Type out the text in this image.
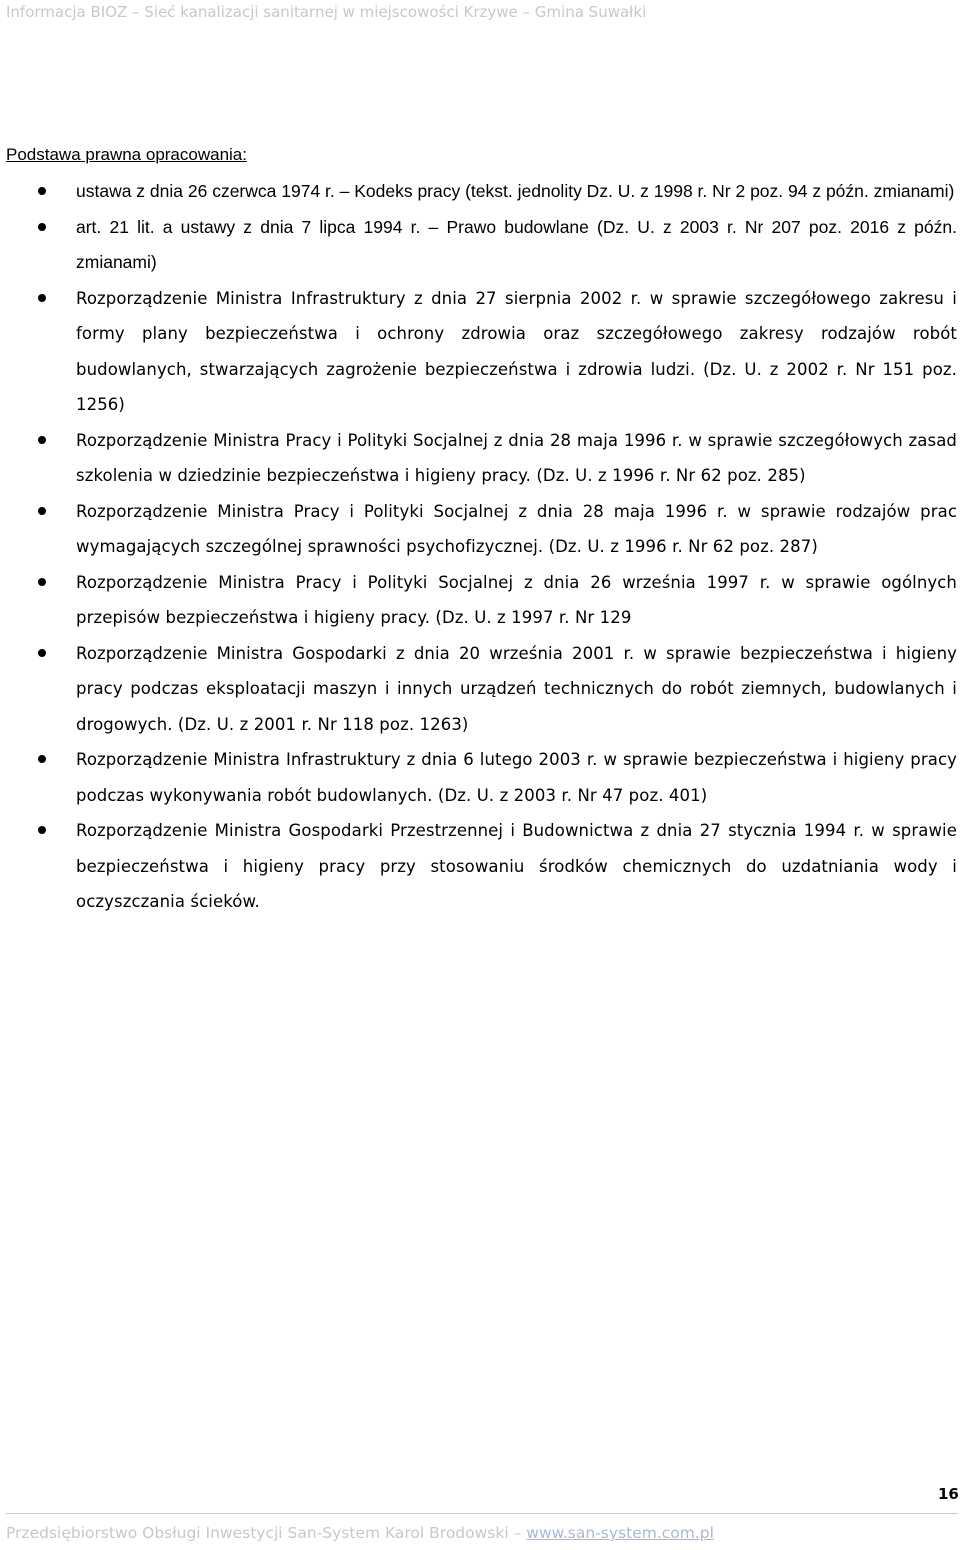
Informacja BIOZ – Sieć kanalizacji sanitarnej w miejscowości Krzywe – Gmina Suwałki
Podstawa prawna opracowania:
ustawa z dnia 26 czerwca 1974 r. – Kodeks pracy (tekst. jednolity Dz. U. z 1998 r. Nr 2 poz. 94 z późn. zmianami)
art. 21 lit. a ustawy z dnia 7 lipca 1994 r. – Prawo budowlane (Dz. U. z 2003 r. Nr 207 poz. 2016 z późn. zmianami)
Rozporządzenie Ministra Infrastruktury z dnia 27 sierpnia 2002 r. w sprawie szczegółowego zakresu i formy plany bezpieczeństwa i ochrony zdrowia oraz szczegółowego zakresy rodzajów robót budowlanych, stwarzających zagrożenie bezpieczeństwa i zdrowia ludzi. (Dz. U. z 2002 r. Nr 151 poz. 1256)
Rozporządzenie Ministra Pracy i Polityki Socjalnej z dnia 28 maja 1996 r. w sprawie szczegółowych zasad szkolenia w dziedzinie bezpieczeństwa i higieny pracy. (Dz. U. z 1996 r. Nr 62 poz. 285)
Rozporządzenie Ministra Pracy i Polityki Socjalnej z dnia 28 maja 1996 r. w sprawie rodzajów prac wymagających szczególnej sprawności psychofizycznej. (Dz. U. z 1996 r. Nr 62 poz. 287)
Rozporządzenie Ministra Pracy i Polityki Socjalnej z dnia 26 września 1997 r. w sprawie ogólnych przepisów bezpieczeństwa i higieny pracy. (Dz. U. z 1997 r. Nr 129
Rozporządzenie Ministra Gospodarki z dnia 20 września 2001 r. w sprawie bezpieczeństwa i higieny pracy podczas eksploatacji maszyn i innych urządzeń technicznych do robót ziemnych, budowlanych i drogowych. (Dz. U. z 2001 r. Nr 118 poz. 1263)
Rozporządzenie Ministra Infrastruktury z dnia 6 lutego 2003 r. w sprawie bezpieczeństwa i higieny pracy podczas wykonywania robót budowlanych. (Dz. U. z 2003 r. Nr 47 poz. 401)
Rozporządzenie Ministra Gospodarki Przestrzennej i Budownictwa z dnia 27 stycznia 1994 r. w sprawie bezpieczeństwa i higieny pracy przy stosowaniu środków chemicznych do uzdatniania wody i oczyszczania ścieków.
16
Przedsiębiorstwo Obsługi Inwestycji San-System Karol Brodowski – www.san-system.com.pl
